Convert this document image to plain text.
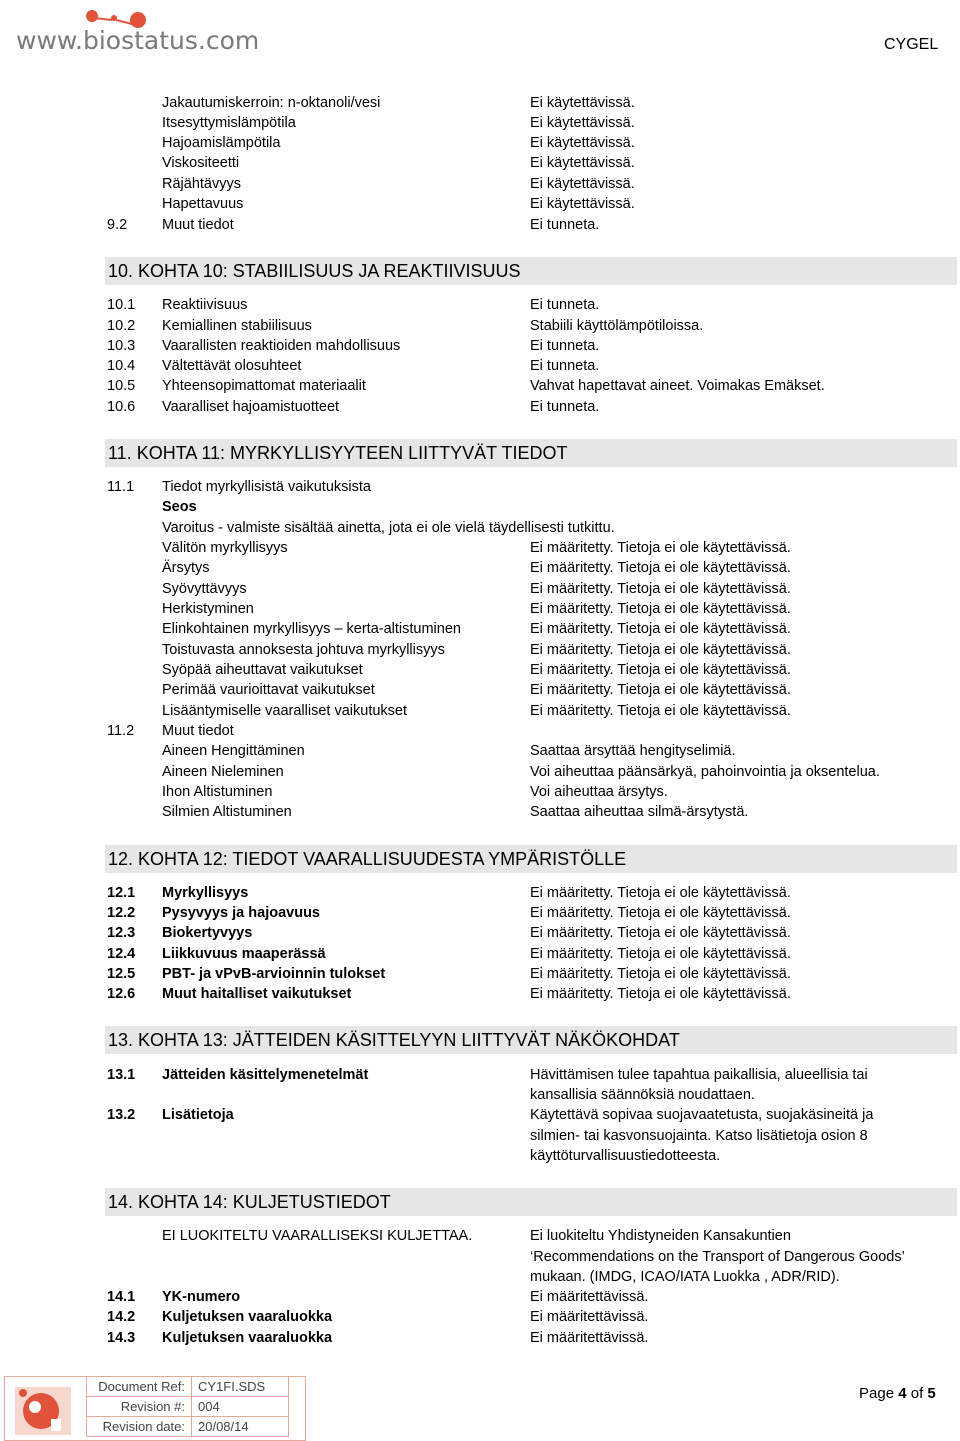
www.biostatus.com	CYGEL
Jakautumiskerroin: n-oktanoli/vesi	Ei käytettävissä.
Itsesyttymislämpötila	Ei käytettävissä.
Hajoamislämpötila	Ei käytettävissä.
Viskositeetti	Ei käytettävissä.
Räjähtävyys	Ei käytettävissä.
Hapettavuus	Ei käytettävissä.
9.2 Muut tiedot	Ei tunneta.
10. KOHTA 10: STABIILISUUS JA REAKTIIVISUUS
10.1 Reaktiivisuus	Ei tunneta.
10.2 Kemiallinen stabiilisuus	Stabiili käyttölämpötiloissa.
10.3 Vaarallisten reaktioiden mahdollisuus	Ei tunneta.
10.4 Vältettävät olosuhteet	Ei tunneta.
10.5 Yhteensopimattomat materiaalit	Vahvat hapettavat aineet. Voimakas Emäkset.
10.6 Vaaralliset hajoamistuotteet	Ei tunneta.
11. KOHTA 11: MYRKYLLISYYTEEN LIITTYVÄT TIEDOT
11.1 Tiedot myrkyllisistä vaikutuksista
Seos
Varoitus - valmiste sisältää ainetta, jota ei ole vielä täydellisesti tutkittu.
Välitön myrkyllisyys	Ei määritetty. Tietoja ei ole käytettävissä.
Ärsytys	Ei määritetty. Tietoja ei ole käytettävissä.
Syövyttävyys	Ei määritetty. Tietoja ei ole käytettävissä.
Herkistyminen	Ei määritetty. Tietoja ei ole käytettävissä.
Elinkohtainen myrkyllisyys – kerta-altistuminen	Ei määritetty. Tietoja ei ole käytettävissä.
Toistuvasta annoksesta johtuva myrkyllisyys	Ei määritetty. Tietoja ei ole käytettävissä.
Syöpää aiheuttavat vaikutukset	Ei määritetty. Tietoja ei ole käytettävissä.
Perimää vaurioittavat vaikutukset	Ei määritetty. Tietoja ei ole käytettävissä.
Lisääntymiselle vaaralliset vaikutukset	Ei määritetty. Tietoja ei ole käytettävissä.
11.2 Muut tiedot
Aineen Hengittäminen	Saattaa ärsyttää hengityselimiä.
Aineen Nieleminen	Voi aiheuttaa päänsärkyä, pahoinvointia ja oksentelua.
Ihon Altistuminen	Voi aiheuttaa ärsytys.
Silmien Altistuminen	Saattaa aiheuttaa silmä-ärsytystä.
12. KOHTA 12: TIEDOT VAARALLISUUDESTA YMPÄRISTÖLLE
12.1 Myrkyllisyys	Ei määritetty. Tietoja ei ole käytettävissä.
12.2 Pysyvyys ja hajoavuus	Ei määritetty. Tietoja ei ole käytettävissä.
12.3 Biokertyvyys	Ei määritetty. Tietoja ei ole käytettävissä.
12.4 Liikkuvuus maaperässä	Ei määritetty. Tietoja ei ole käytettävissä.
12.5 PBT- ja vPvB-arvioinnin tulokset	Ei määritetty. Tietoja ei ole käytettävissä.
12.6 Muut haitalliset vaikutukset	Ei määritetty. Tietoja ei ole käytettävissä.
13. KOHTA 13: JÄTTEIDEN KÄSITTELYYN LIITTYVÄT NÄKÖKOHDAT
13.1 Jätteiden käsittelymenetelmät	Hävittämisen tulee tapahtua paikallisia, alueellisia tai
kansallisia säännöksiä noudattaen.
13.2 Lisätietoja	Käytettävä sopivaa suojavaatetusta, suojakäsineitä ja
silmien- tai kasvonsuojainta. Katso lisätietoja osion 8
käyttöturvallisuustiedotteesta.
14. KOHTA 14: KULJETUSTIEDOT
EI LUOKITELTU VAARALLISEKSI KULJETTAA.	Ei luokiteltu Yhdistyneiden Kansakuntien
‘Recommendations on the Transport of Dangerous Goods’
mukaan. (IMDG, ICAO/IATA Luokka , ADR/RID).
14.1 YK-numero	Ei määritettävissä.
14.2 Kuljetuksen vaaraluokka	Ei määritettävissä.
14.3 Kuljetuksen vaaraluokka	Ei määritettävissä.
Document Ref:	CY1FI.SDS
Revision #:	004
Revision date:	20/08/14
Page 4 of 5
